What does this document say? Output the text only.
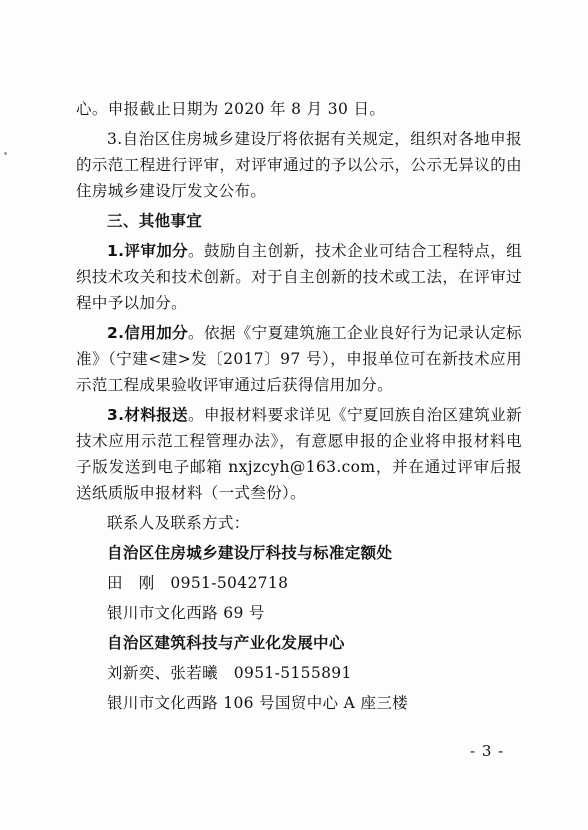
心。申报截止日期为 2020 年 8 月 30 日。

3.自治区住房城乡建设厅将依据有关规定，组织对各地申报的示范工程进行评审，对评审通过的予以公示，公示无异议的由住房城乡建设厅发文公布。

三、其他事宜

1.评审加分。鼓励自主创新，技术企业可结合工程特点，组织技术攻关和技术创新。对于自主创新的技术或工法，在评审过程中予以加分。

2.信用加分。依据《宁夏建筑施工企业良好行为记录认定标准》（宁建<建>发〔2017〕97 号），申报单位可在新技术应用示范工程成果验收评审通过后获得信用加分。

3.材料报送。申报材料要求详见《宁夏回族自治区建筑业新技术应用示范工程管理办法》，有意愿申报的企业将申报材料电子版发送到电子邮箱 nxjzcyh@163.com，并在通过评审后报送纸质版申报材料（一式叁份）。

联系人及联系方式：
自治区住房城乡建设厅科技与标准定额处
田　刚　0951-5042718
银川市文化西路 69 号
自治区建筑科技与产业化发展中心
刘新奕、张若曦　0951-5155891
银川市文化西路 106 号国贸中心 A 座三楼
- 3 -
